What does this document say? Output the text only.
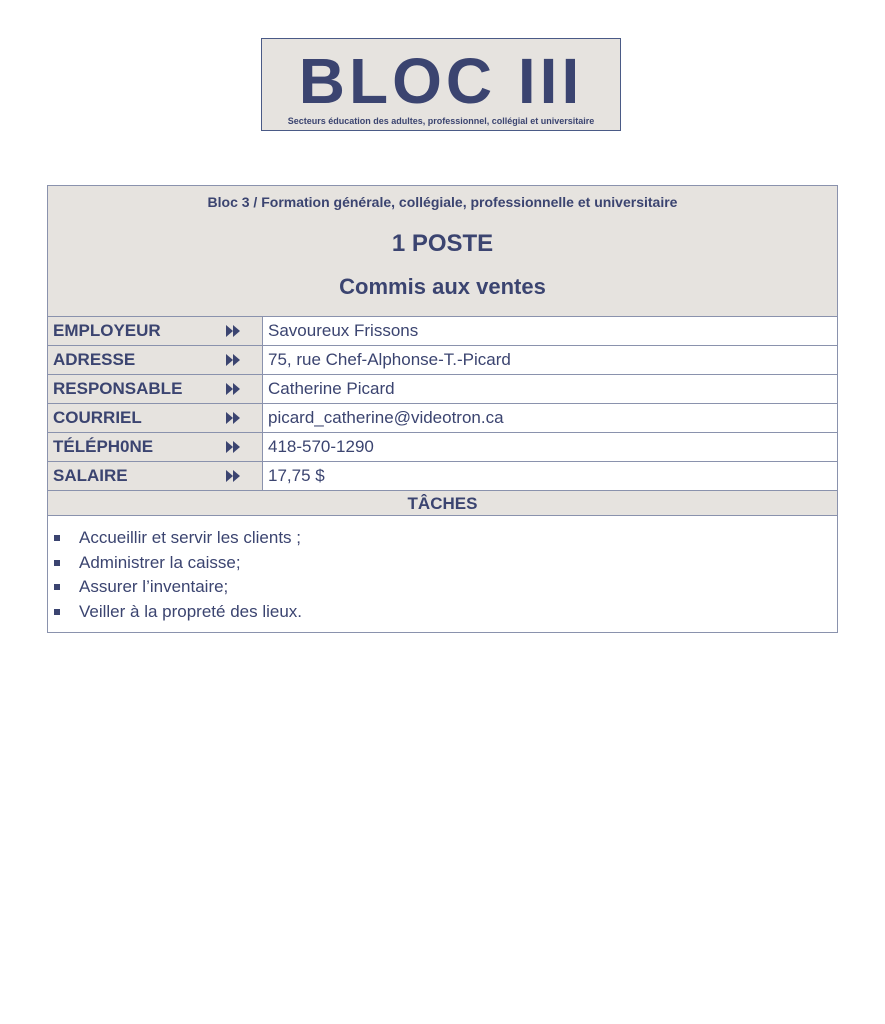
BLOC III
Secteurs éducation des adultes, professionnel, collégial et universitaire
Bloc 3 / Formation générale, collégiale, professionnelle et universitaire
1 POSTE
Commis aux ventes
EMPLOYEUR	Savoureux Frissons
ADRESSE	75, rue Chef-Alphonse-T.-Picard
RESPONSABLE	Catherine Picard
COURRIEL	picard_catherine@videotron.ca
TÉLÉPH0NE	418-570-1290
SALAIRE	17,75 $
TÂCHES
Accueillir et servir les clients ;
Administrer la caisse;
Assurer l’inventaire;
Veiller à la propreté des lieux.
